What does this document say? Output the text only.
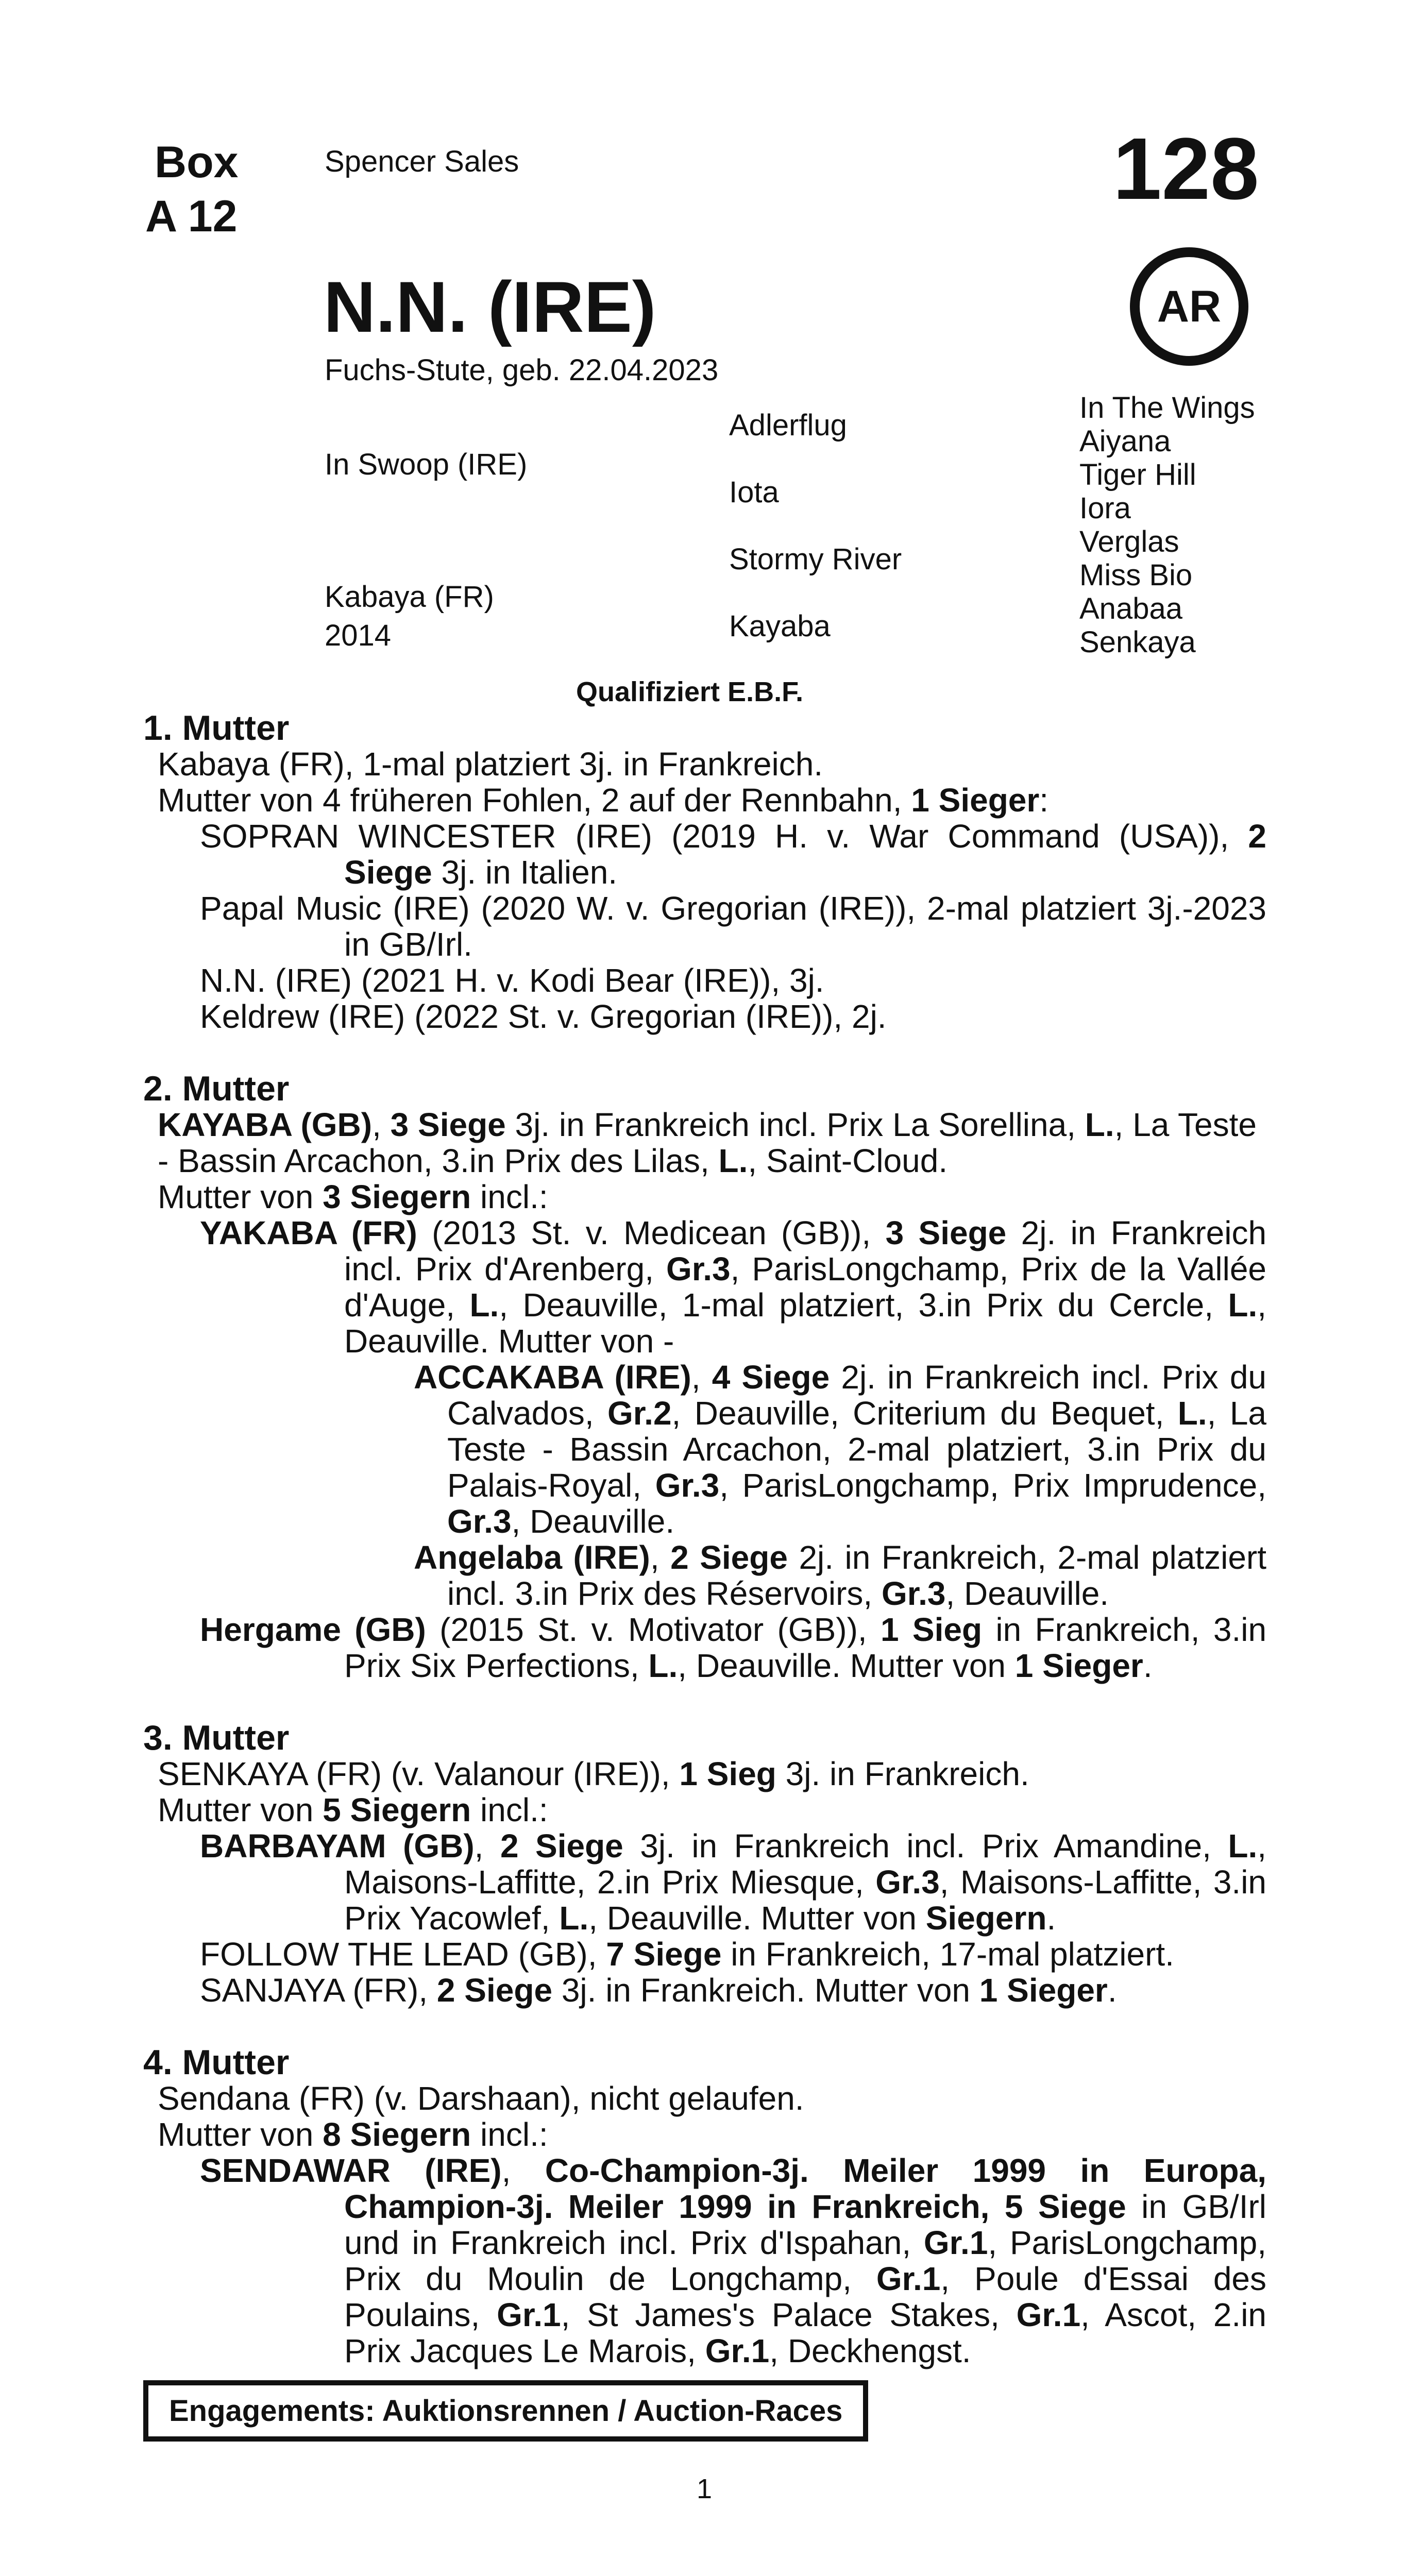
Box
A 12
Spencer Sales	128
AR
N.N. (IRE)
Fuchs-Stute, geb. 22.04.2023
In Swoop (IRE)
Kabaya (FR)
2014
Adlerflug
Iota
Stormy River
Kayaba
In The Wings
Aiyana
Tiger Hill
Iora
Verglas
Miss Bio
Anabaa
Senkaya
Qualifiziert E.B.F.
1. Mutter
Kabaya (FR), 1-mal platziert 3j. in Frankreich.
Mutter von 4 früheren Fohlen, 2 auf der Rennbahn, 1 Sieger:
SOPRAN WINCESTER (IRE) (2019 H. v. War Command (USA)), 2 Siege 3j. in Italien.
Papal Music (IRE) (2020 W. v. Gregorian (IRE)), 2-mal platziert 3j.-2023 in GB/Irl.
N.N. (IRE) (2021 H. v. Kodi Bear (IRE)), 3j.
Keldrew (IRE) (2022 St. v. Gregorian (IRE)), 2j.
2. Mutter
KAYABA (GB), 3 Siege 3j. in Frankreich incl. Prix La Sorellina, L., La Teste - Bassin Arcachon, 3.in Prix des Lilas, L., Saint-Cloud.
Mutter von 3 Siegern incl.:
YAKABA (FR) (2013 St. v. Medicean (GB)), 3 Siege 2j. in Frankreich incl. Prix d'Arenberg, Gr.3, ParisLongchamp, Prix de la Vallée d'Auge, L., Deauville, 1-mal platziert, 3.in Prix du Cercle, L., Deauville. Mutter von -
ACCAKABA (IRE), 4 Siege 2j. in Frankreich incl. Prix du Calvados, Gr.2, Deauville, Criterium du Bequet, L., La Teste - Bassin Arcachon, 2-mal platziert, 3.in Prix du Palais-Royal, Gr.3, ParisLongchamp, Prix Imprudence, Gr.3, Deauville.
Angelaba (IRE), 2 Siege 2j. in Frankreich, 2-mal platziert incl. 3.in Prix des Réservoirs, Gr.3, Deauville.
Hergame (GB) (2015 St. v. Motivator (GB)), 1 Sieg in Frankreich, 3.in Prix Six Perfections, L., Deauville. Mutter von 1 Sieger.
3. Mutter
SENKAYA (FR) (v. Valanour (IRE)), 1 Sieg 3j. in Frankreich.
Mutter von 5 Siegern incl.:
BARBAYAM (GB), 2 Siege 3j. in Frankreich incl. Prix Amandine, L., Maisons-Laffitte, 2.in Prix Miesque, Gr.3, Maisons-Laffitte, 3.in Prix Yacowlef, L., Deauville. Mutter von Siegern.
FOLLOW THE LEAD (GB), 7 Siege in Frankreich, 17-mal platziert.
SANJAYA (FR), 2 Siege 3j. in Frankreich. Mutter von 1 Sieger.
4. Mutter
Sendana (FR) (v. Darshaan), nicht gelaufen.
Mutter von 8 Siegern incl.:
SENDAWAR (IRE), Co-Champion-3j. Meiler 1999 in Europa, Champion-3j. Meiler 1999 in Frankreich, 5 Siege in GB/Irl und in Frankreich incl. Prix d'Ispahan, Gr.1, ParisLongchamp, Prix du Moulin de Longchamp, Gr.1, Poule d'Essai des Poulains, Gr.1, St James's Palace Stakes, Gr.1, Ascot, 2.in Prix Jacques Le Marois, Gr.1, Deckhengst.
Engagements: Auktionsrennen / Auction-Races
1
